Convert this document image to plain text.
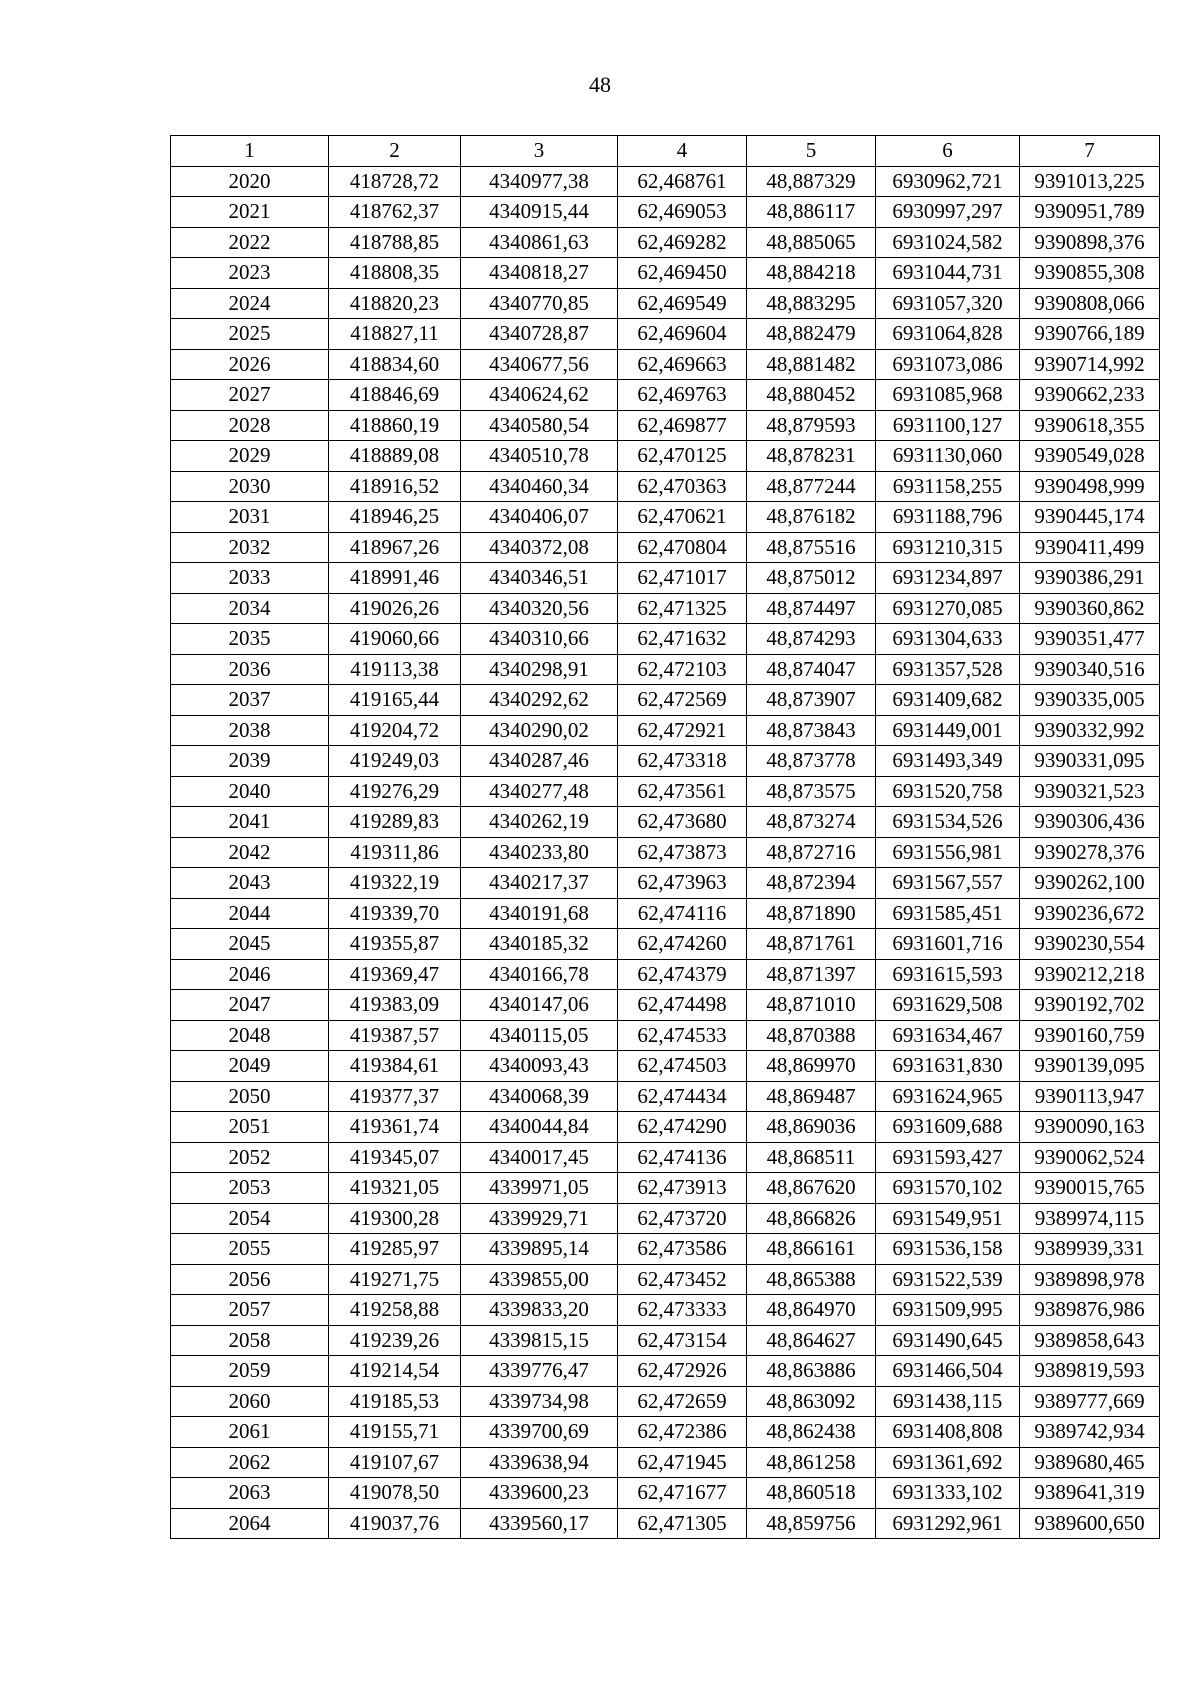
48
1	2	3	4	5	6	7
2020	418728,72	4340977,38	62,468761	48,887329	6930962,721	9391013,225
2021	418762,37	4340915,44	62,469053	48,886117	6930997,297	9390951,789
2022	418788,85	4340861,63	62,469282	48,885065	6931024,582	9390898,376
2023	418808,35	4340818,27	62,469450	48,884218	6931044,731	9390855,308
2024	418820,23	4340770,85	62,469549	48,883295	6931057,320	9390808,066
2025	418827,11	4340728,87	62,469604	48,882479	6931064,828	9390766,189
2026	418834,60	4340677,56	62,469663	48,881482	6931073,086	9390714,992
2027	418846,69	4340624,62	62,469763	48,880452	6931085,968	9390662,233
2028	418860,19	4340580,54	62,469877	48,879593	6931100,127	9390618,355
2029	418889,08	4340510,78	62,470125	48,878231	6931130,060	9390549,028
2030	418916,52	4340460,34	62,470363	48,877244	6931158,255	9390498,999
2031	418946,25	4340406,07	62,470621	48,876182	6931188,796	9390445,174
2032	418967,26	4340372,08	62,470804	48,875516	6931210,315	9390411,499
2033	418991,46	4340346,51	62,471017	48,875012	6931234,897	9390386,291
2034	419026,26	4340320,56	62,471325	48,874497	6931270,085	9390360,862
2035	419060,66	4340310,66	62,471632	48,874293	6931304,633	9390351,477
2036	419113,38	4340298,91	62,472103	48,874047	6931357,528	9390340,516
2037	419165,44	4340292,62	62,472569	48,873907	6931409,682	9390335,005
2038	419204,72	4340290,02	62,472921	48,873843	6931449,001	9390332,992
2039	419249,03	4340287,46	62,473318	48,873778	6931493,349	9390331,095
2040	419276,29	4340277,48	62,473561	48,873575	6931520,758	9390321,523
2041	419289,83	4340262,19	62,473680	48,873274	6931534,526	9390306,436
2042	419311,86	4340233,80	62,473873	48,872716	6931556,981	9390278,376
2043	419322,19	4340217,37	62,473963	48,872394	6931567,557	9390262,100
2044	419339,70	4340191,68	62,474116	48,871890	6931585,451	9390236,672
2045	419355,87	4340185,32	62,474260	48,871761	6931601,716	9390230,554
2046	419369,47	4340166,78	62,474379	48,871397	6931615,593	9390212,218
2047	419383,09	4340147,06	62,474498	48,871010	6931629,508	9390192,702
2048	419387,57	4340115,05	62,474533	48,870388	6931634,467	9390160,759
2049	419384,61	4340093,43	62,474503	48,869970	6931631,830	9390139,095
2050	419377,37	4340068,39	62,474434	48,869487	6931624,965	9390113,947
2051	419361,74	4340044,84	62,474290	48,869036	6931609,688	9390090,163
2052	419345,07	4340017,45	62,474136	48,868511	6931593,427	9390062,524
2053	419321,05	4339971,05	62,473913	48,867620	6931570,102	9390015,765
2054	419300,28	4339929,71	62,473720	48,866826	6931549,951	9389974,115
2055	419285,97	4339895,14	62,473586	48,866161	6931536,158	9389939,331
2056	419271,75	4339855,00	62,473452	48,865388	6931522,539	9389898,978
2057	419258,88	4339833,20	62,473333	48,864970	6931509,995	9389876,986
2058	419239,26	4339815,15	62,473154	48,864627	6931490,645	9389858,643
2059	419214,54	4339776,47	62,472926	48,863886	6931466,504	9389819,593
2060	419185,53	4339734,98	62,472659	48,863092	6931438,115	9389777,669
2061	419155,71	4339700,69	62,472386	48,862438	6931408,808	9389742,934
2062	419107,67	4339638,94	62,471945	48,861258	6931361,692	9389680,465
2063	419078,50	4339600,23	62,471677	48,860518	6931333,102	9389641,319
2064	419037,76	4339560,17	62,471305	48,859756	6931292,961	9389600,650
